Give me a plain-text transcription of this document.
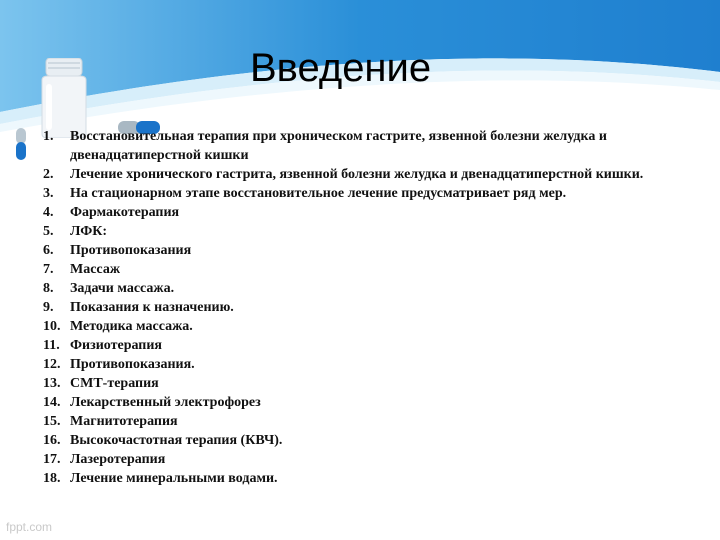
Введение
1.	Восстановительная терапия при хроническом гастрите, язвенной болезни желудка и двенадцатиперстной кишки
2.	Лечение хронического гастрита, язвенной болезни желудка и двенадцатиперстной кишки.
3.	На стационарном этапе восстановительное лечение предусматривает ряд мер.
4.	Фармакотерапия
5.	ЛФК:
6.	Противопоказания
7.	Массаж
8.	Задачи массажа.
9.	Показания к назначению.
10. Методика массажа.
11. Физиотерапия
12. Противопоказания.
13. СМТ-терапия
14. Лекарственный электрофорез
15. Магнитотерапия
16. Высокочастотная терапия (КВЧ).
17. Лазеротерапия
18. Лечение минеральными водами.
fppt.com
